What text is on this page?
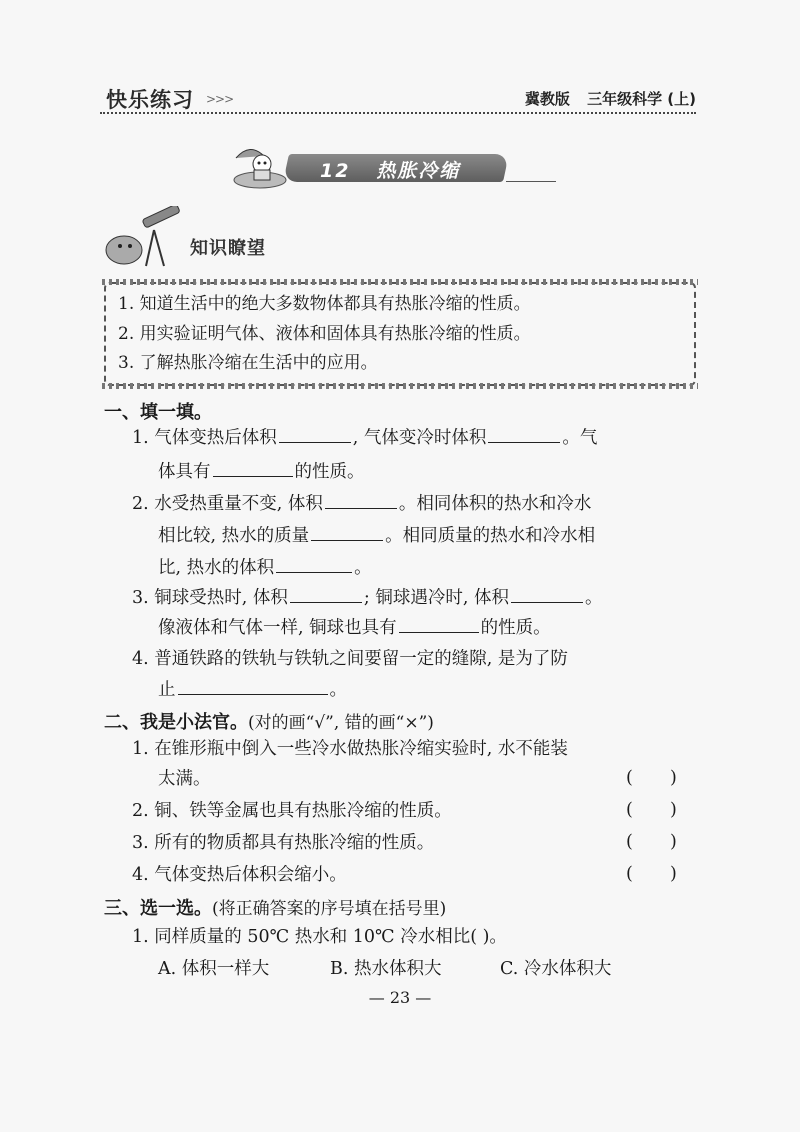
快乐练习 >>>	冀教版 三年级科学 (上)
12 热胀冷缩
知识瞭望
1. 知道生活中的绝大多数物体都具有热胀冷缩的性质。
2. 用实验证明气体、液体和固体具有热胀冷缩的性质。
3. 了解热胀冷缩在生活中的应用。
一、填一填。
1. 气体变热后体积	, 气体变冷时体积	。气
体具有	的性质。
2. 水受热重量不变, 体积	。相同体积的热水和冷水
相比较, 热水的质量	。相同质量的热水和冷水相
比, 热水的体积	。
3. 铜球受热时, 体积	; 铜球遇冷时, 体积	。
像液体和气体一样, 铜球也具有	的性质。
4. 普通铁路的铁轨与铁轨之间要留一定的缝隙, 是为了防
止	。
二、我是小法官。(对的画“√”, 错的画“×”)
1. 在锥形瓶中倒入一些冷水做热胀冷缩实验时, 水不能装
太满。	( )
2. 铜、铁等金属也具有热胀冷缩的性质。	( )
3. 所有的物质都具有热胀冷缩的性质。	( )
4. 气体变热后体积会缩小。	( )
三、选一选。(将正确答案的序号填在括号里)
1. 同样质量的 50℃ 热水和 10℃ 冷水相比( )。
A. 体积一样大	B. 热水体积大	C. 冷水体积大
— 23 —
